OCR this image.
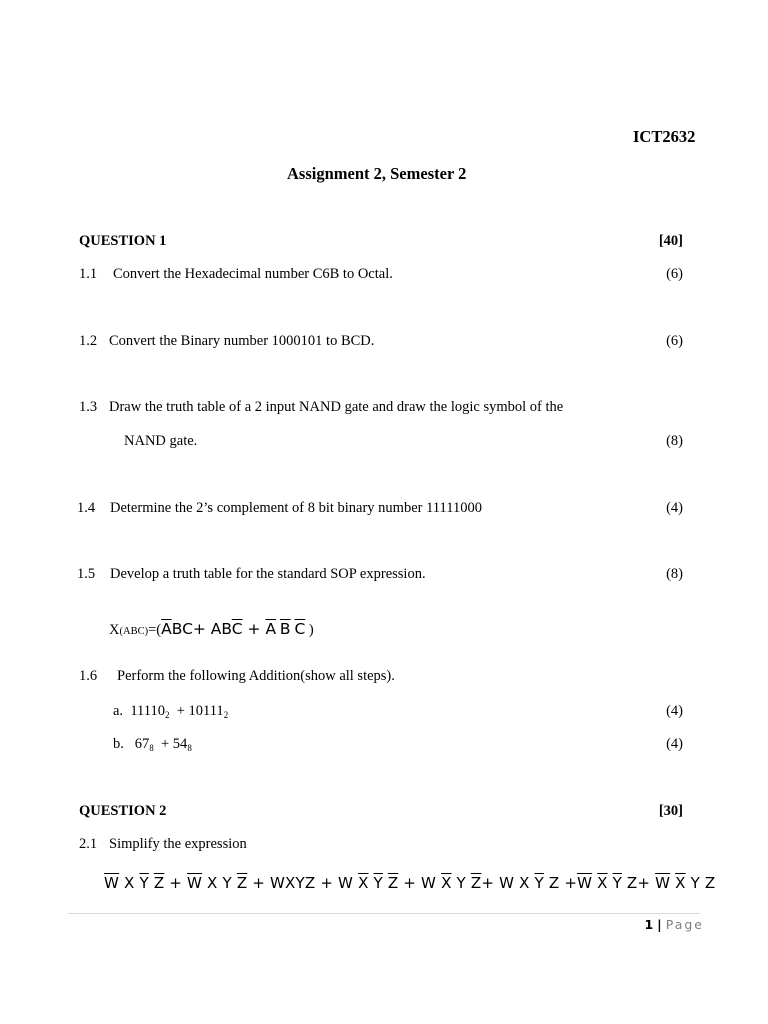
ICT2632
Assignment 2, Semester 2
QUESTION 1	[40]
1.1 Convert the Hexadecimal number C6B to Octal.	(6)
1.2 Convert the Binary number 1000101 to BCD.	(6)
1.3 Draw the truth table of a 2 input NAND gate and draw the logic symbol of the
NAND gate.	(8)
1.4 Determine the 2’s complement of 8 bit binary number 11111000	(4)
1.5 Develop a truth table for the standard SOP expression.	(8)
$X(ABC)=(\overline{A}BC+ AB\overline{C} + \overline{A}$ $\overline{B}$ $\overline{C}$ )
1.6 Perform the following Addition(show all steps).
a. $11110_2 + 10111_2$	(4)
b. $67_8 + 54_8$	(4)
QUESTION 2	[30]
2.1 Simplify the expression
$\overline{W}$ X $\overline{Y}$ $\overline{Z} + \overline{W}$ X Y $\overline{Z}$ + WXYZ + W $\overline{X}$ $\overline{Y}$ $\overline{Z} + W$ $\overline{X}$ Y $\overline{Z}+ W$ X $\overline{Y}$ $Z +\overline{W}$ $\overline{X}$ $\overline{Y}$ $Z+ \overline{W}$ $\overline{X}$ Y Z
1 | Page
